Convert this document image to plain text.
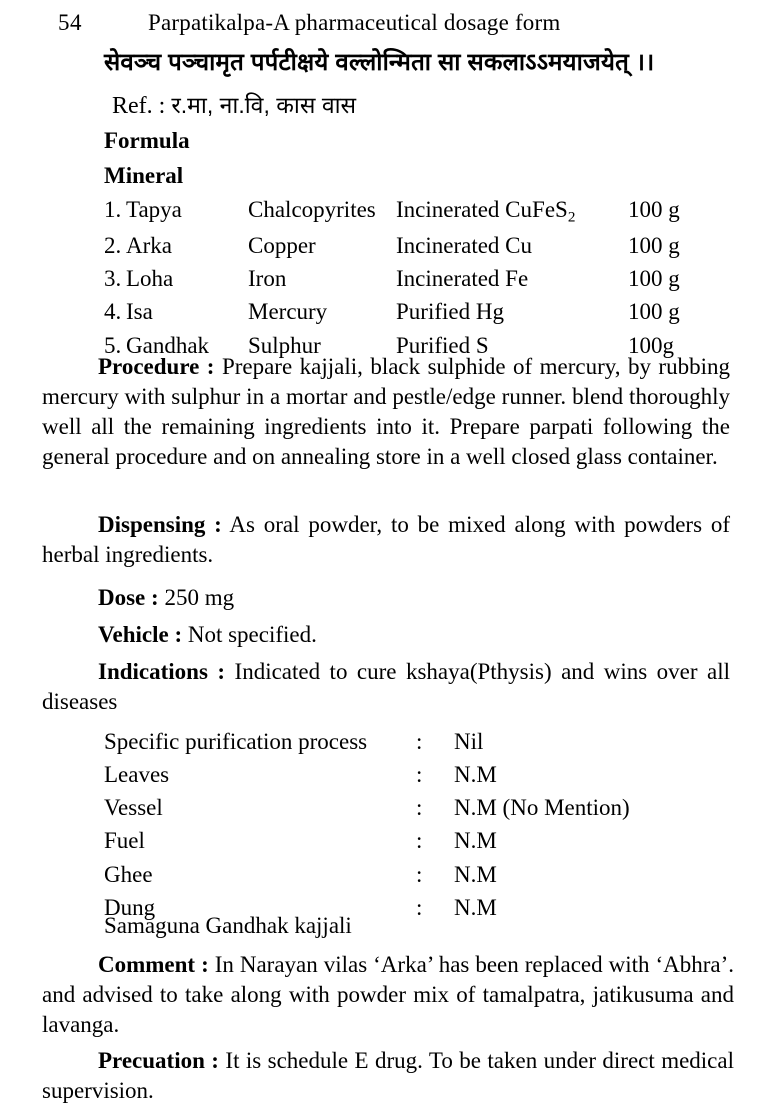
54	Parpatikalpa-A pharmaceutical dosage form
सेवञ्च पञ्चामृत पर्पटीक्षये वल्लोन्मिता सा सकलाऽऽमयाजयेत् ।।
Ref. : र.मा, ना.वि, कास वास
Formula
Mineral
1.	Tapya	Chalcopyrites	Incinerated CuFeS$_2$	100 g
2.	Arka	Copper	Incinerated Cu	100 g
3.	Loha	Iron	Incinerated Fe	100 g
4.	Isa	Mercury	Purified Hg	100 g
5.	Gandhak	Sulphur	Purified S	100g
Procedure : Prepare kajjali, black sulphide of mercury, by rubbing mercury with sulphur in a mortar and pestle/edge runner. blend thoroughly well all the remaining ingredients into it. Prepare parpati following the general procedure and on annealing store in a well closed glass container.
Dispensing : As oral powder, to be mixed along with powders of herbal ingredients.
Dose : 250 mg
Vehicle : Not specified.
Indications : Indicated to cure kshaya(Pthysis) and wins over all diseases
Specific purification process	:	Nil
Leaves	:	N.M
Vessel	:	N.M (No Mention)
Fuel	:	N.M
Ghee	:	N.M
Dung	:	N.M
Samaguna Gandhak kajjali
Comment : In Narayan vilas ‘Arka’ has been replaced with ‘Abhra’. and advised to take along with powder mix of tamalpatra, jatikusuma and lavanga.
Precuation : It is schedule E drug. To be taken under direct medical supervision.
